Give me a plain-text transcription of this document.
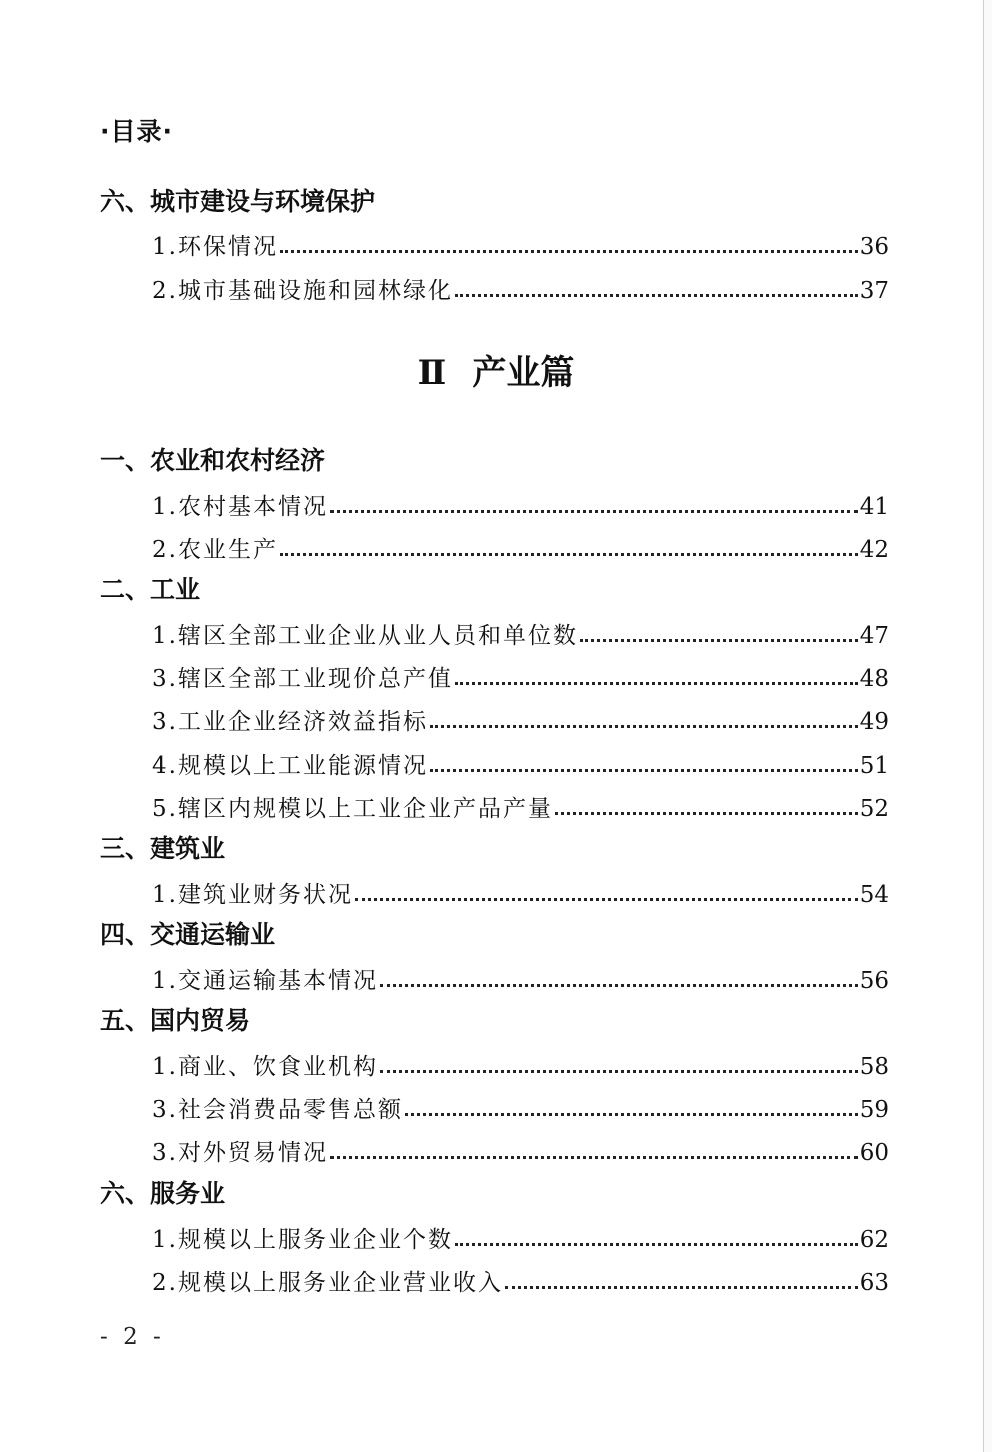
·目录·
六、城市建设与环境保护
1.环保情况	36
2.城市基础设施和园林绿化	37
Ⅱ 产业篇
一、农业和农村经济
1.农村基本情况	41
2.农业生产	42
二、工业
1.辖区全部工业企业从业人员和单位数	47
3.辖区全部工业现价总产值	48
3.工业企业经济效益指标	49
4.规模以上工业能源情况	51
5.辖区内规模以上工业企业产品产量	52
三、建筑业
1.建筑业财务状况	54
四、交通运输业
1.交通运输基本情况	56
五、国内贸易
1.商业、饮食业机构	58
3.社会消费品零售总额	59
3.对外贸易情况	60
六、服务业
1.规模以上服务业企业个数	62
2.规模以上服务业企业营业收入	63
- 2 -
